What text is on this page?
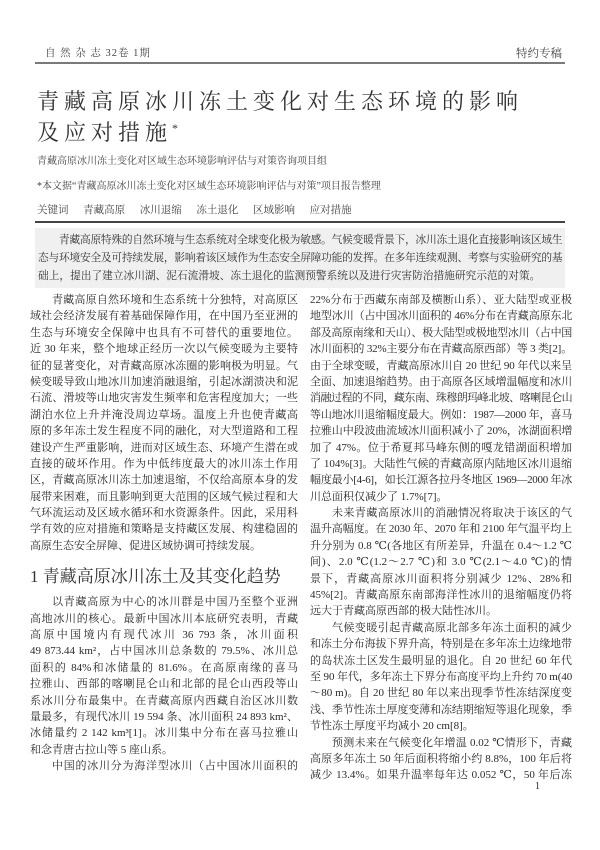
自 然 杂 志 32卷 1期	特约专稿
青藏高原冰川冻土变化对生态环境的影响
及应对措施*
青藏高原冰川冻土变化对区域生态环境影响评估与对策咨询项目组
*本文据“青藏高原冰川冻土变化对区域生态环境影响评估与对策”项目报告整理
关键词 青藏高原 冰川退缩 冻土退化 区域影响 应对措施
　　青藏高原特殊的自然环境与生态系统对全球变化极为敏感。气候变暖背景下，冰川冻土退化直接影响该区域生
态与环境安全及可持续发展，影响着该区域作为生态安全屏障功能的发挥。在多年连续观测、考察与实验研究的基
础上，提出了建立冰川湖、泥石流滑坡、冻土退化的监测预警系统以及进行灾害防治措施研究示范的对策。
青藏高原自然环境和生态系统十分独特，对高原区
域社会经济发展有着基础保障作用，在中国乃至亚洲的
生态与环境安全保障中也具有不可替代的重要地位。
近 30 年来，整个地球正经历一次以气候变暖为主要特
征的显著变化，对青藏高原冰冻圈的影响极为明显。气
候变暖导致山地冰川加速消融退缩，引起冰湖溃决和泥
石流、滑坡等山地灾害发生频率和危害程度加大；一些
湖泊水位上升并淹没周边草场。温度上升也使青藏高
原的多年冻土发生程度不同的融化，对大型道路和工程
建设产生严重影响，进而对区域生态、环境产生潜在或
直接的破坏作用。作为中低纬度最大的冰川冻土作用
区，青藏高原冰川冻土加速退缩，不仅给高原本身的发
展带来困难，而且影响到更大范围的区域气候过程和大
气环流运动及区域水循环和水资源条件。因此，采用科
学有效的应对措施和策略是支持藏区发展、构建稳固的
高原生态安全屏障、促进区域协调可持续发展。
1 青藏高原冰川冻土及其变化趋势
以青藏高原为中心的冰川群是中国乃至整个亚洲
高地冰川的核心。最新中国冰川本底研究表明，青藏
高原中国境内有现代冰川 36 793 条，冰川面积
49 873.44 km²，占中国冰川总条数的 79.5%、冰川总
面积的 84%和冰储量的 81.6%。在高原南缘的喜马
拉雅山、西部的喀喇昆仑山和北部的昆仑山西段等山
系冰川分布最集中。在青藏高原内西藏自治区冰川数
量最多，有现代冰川 19 594 条、冰川面积 24 893 km²、
冰储量约 2 142 km³[1]。冰川集中分布在喜马拉雅山
和念青唐古拉山等 5 座山系。
中国的冰川分为海洋型冰川（占中国冰川面积的
22%分布于西藏东南部及横断山系）、亚大陆型或亚极
地型冰川（占中国冰川面积的 46%分布在青藏高原东北
部及高原南缘和天山）、极大陆型或极地型冰川（占中国
冰川面积的 32%主要分布在青藏高原西部）等 3 类[2]。
由于全球变暖，青藏高原冰川自 20 世纪 90 年代以来呈
全面、加速退缩趋势。由于高原各区域增温幅度和冰川
消融过程的不同，藏东南、珠穆朗玛峰北坡、喀喇昆仑山
等山地冰川退缩幅度最大。例如：1987—2000 年，喜马
拉雅山中段波曲流域冰川面积减小了 20%，冰湖面积增
加了 47%。位于希夏邦马峰东侧的嘎龙错湖面积增加
了 104%[3]。大陆性气候的青藏高原内陆地区冰川退缩
幅度最小[4-6]，如长江源各拉丹冬地区 1969—2000 年冰
川总面积仅减少了 1.7%[7]。
未来青藏高原冰川的消融情况将取决于该区的气
温升高幅度。在 2030 年、2070 年和 2100 年气温平均上
升分别为 0.8 ℃(各地区有所差异，升温在 0.4～1.2 ℃
间)、2.0 ℃(1.2～2.7 ℃)和 3.0 ℃(2.1～4.0 ℃)的情
景下，青藏高原冰川面积将分别减少 12%、28%和
45%[2]。青藏高原东南部海洋性冰川的退缩幅度仍将
远大于青藏高原西部的极大陆性冰川。
气候变暖引起青藏高原北部多年冻土面积的减少
和冻土分布海拔下界升高，特别是在多年冻土边缘地带
的岛状冻土区发生最明显的退化。自 20 世纪 60 年代
至 90 年代，多年冻土下界分布高度平均上升约 70 m(40
～80 m)。自 20 世纪 80 年以来出现季节性冻结深度变
浅、季节性冻土厚度变薄和冻结期缩短等退化现象，季
节性冻土厚度平均减小 20 cm[8]。
预测未来在气候变化年增温 0.02 ℃情形下，青藏
高原多年冻土 50 年后面积将缩小约 8.8%，100 年后将
减少 13.4%。如果升温率每年达 0.052 ℃，50 年后冻
1
